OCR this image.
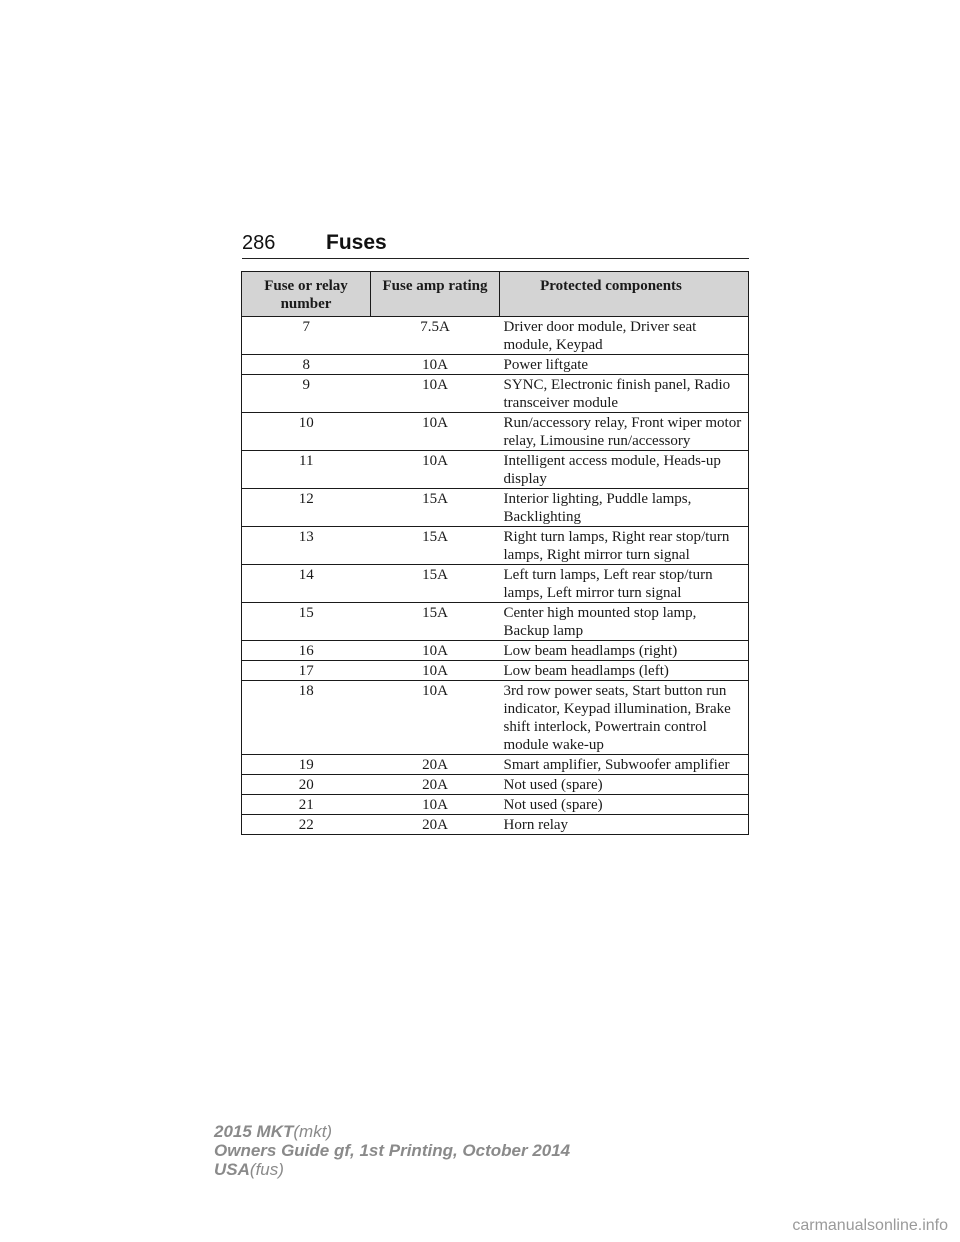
286 Fuses
Fuse or relay number	Fuse amp rating	Protected components
7	7.5A	Driver door module, Driver seat module, Keypad
8	10A	Power liftgate
9	10A	SYNC, Electronic finish panel, Radio transceiver module
10	10A	Run/accessory relay, Front wiper motor relay, Limousine run/accessory
11	10A	Intelligent access module, Heads-up display
12	15A	Interior lighting, Puddle lamps, Backlighting
13	15A	Right turn lamps, Right rear stop/turn lamps, Right mirror turn signal
14	15A	Left turn lamps, Left rear stop/turn lamps, Left mirror turn signal
15	15A	Center high mounted stop lamp, Backup lamp
16	10A	Low beam headlamps (right)
17	10A	Low beam headlamps (left)
18	10A	3rd row power seats, Start button run indicator, Keypad illumination, Brake shift interlock, Powertrain control module wake-up
19	20A	Smart amplifier, Subwoofer amplifier
20	20A	Not used (spare)
21	10A	Not used (spare)
22	20A	Horn relay
2015 MKT(mkt)
Owners Guide gf, 1st Printing, October 2014
USA(fus)
carmanualsonline.info
